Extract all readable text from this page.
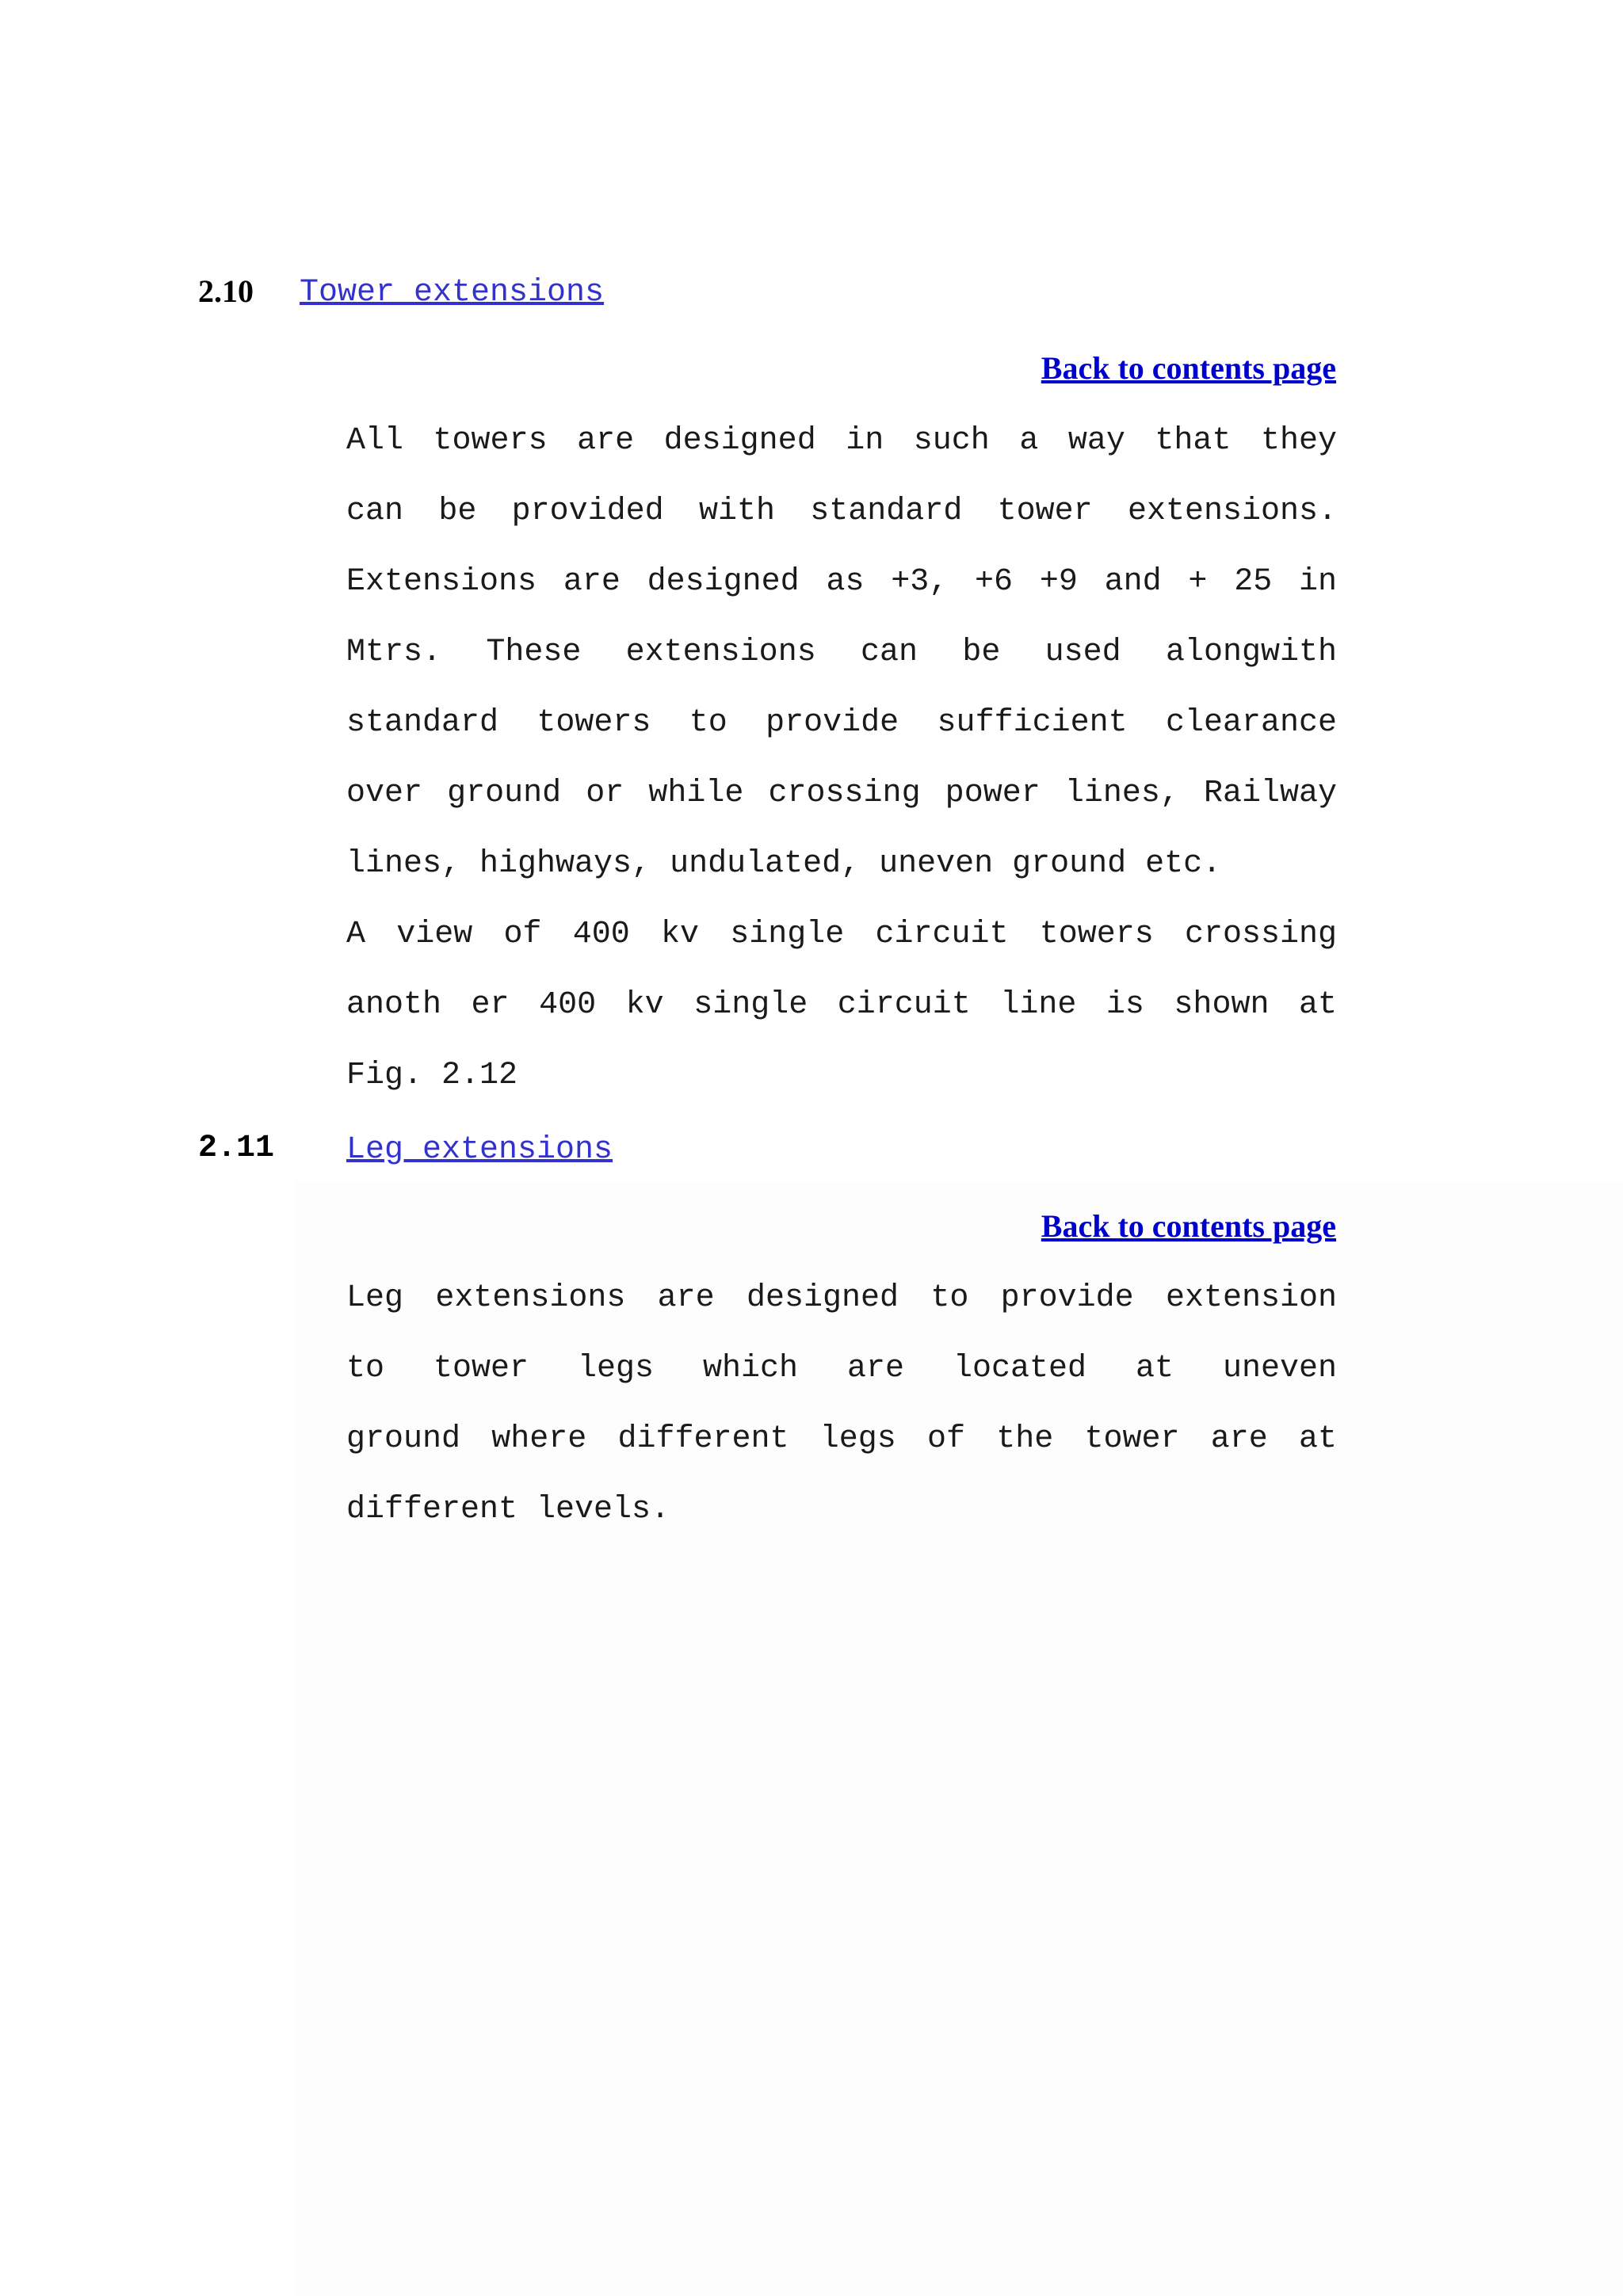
2.10 Tower extensions
Back to contents page
All towers are designed in such a way that they
can be provided with standard tower extensions.
Extensions are designed as +3, +6 +9 and + 25 in
Mtrs. These extensions can be used alongwith
standard towers to provide sufficient clearance
over ground or while crossing power lines, Railway
lines, highways, undulated, uneven ground etc.
A view of 400 kv single circuit towers crossing
anoth er 400 kv single circuit line is shown at
Fig. 2.12
2.11 Leg extensions
Back to contents page
Leg extensions are designed to provide extension
to tower legs which are located at uneven
ground where different legs of the tower are at
different levels.
